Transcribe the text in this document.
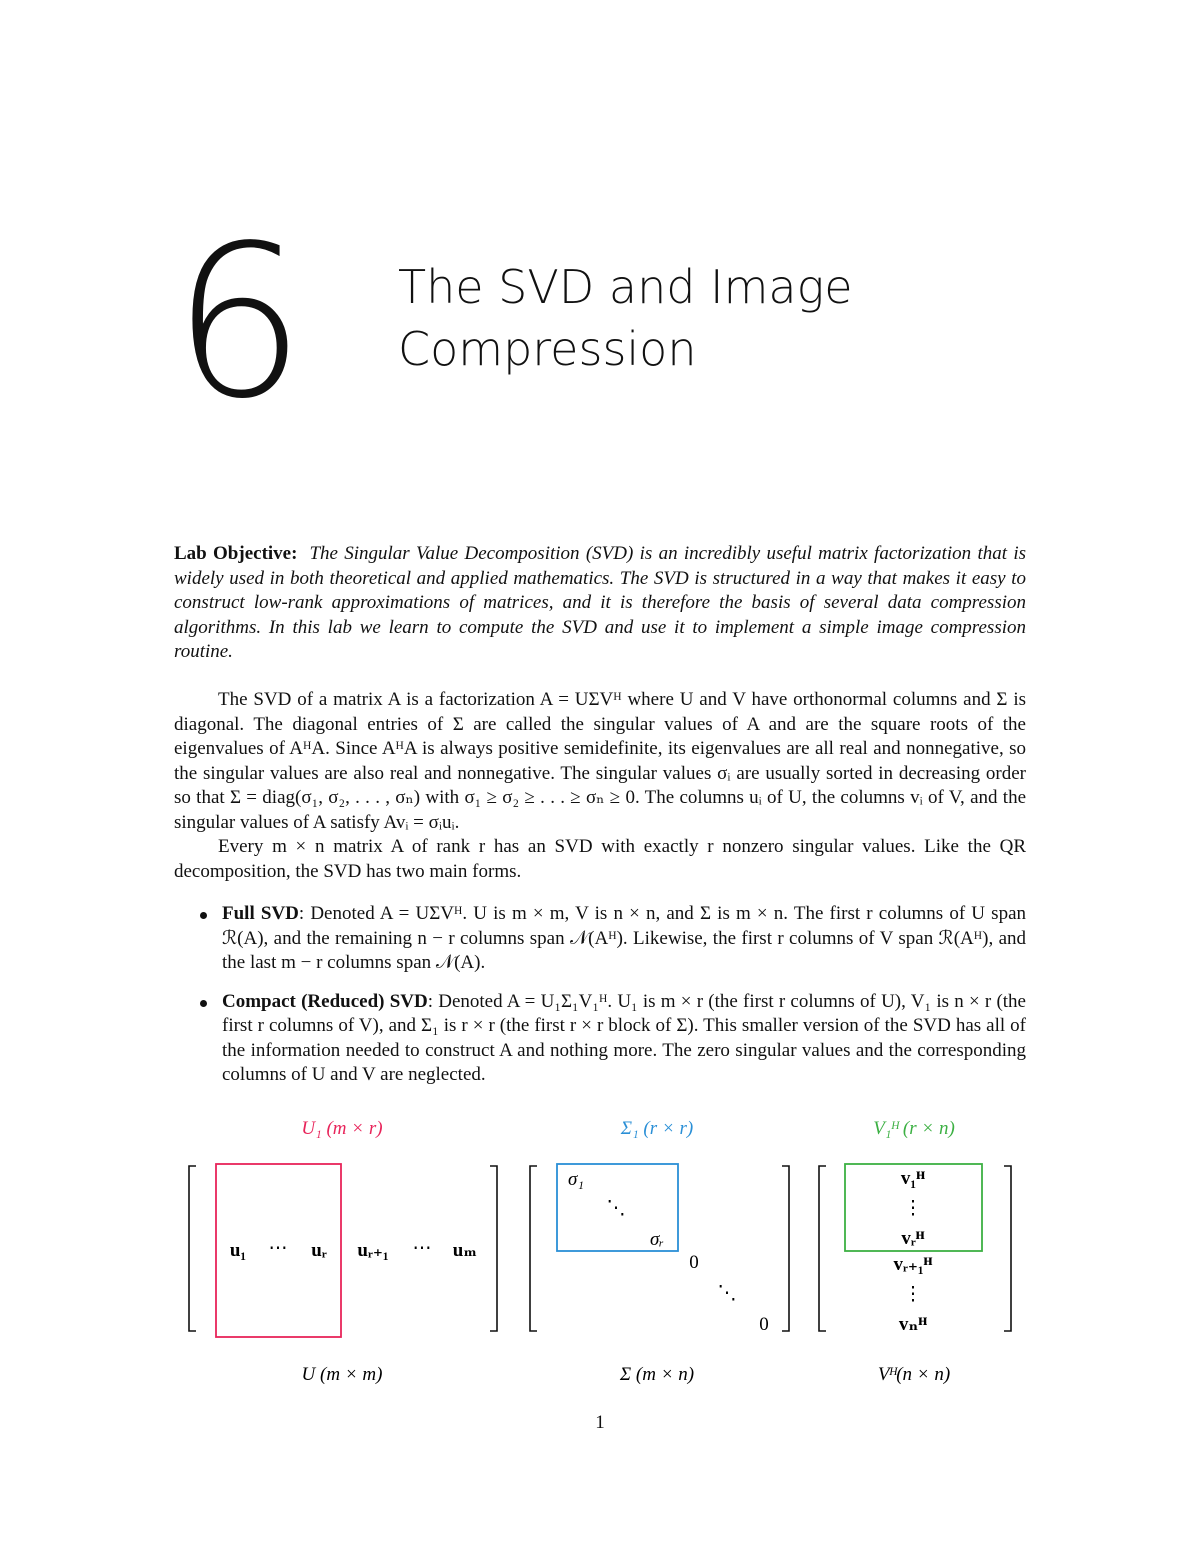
6 The SVD and Image
Compression
Lab Objective: The Singular Value Decomposition (SVD) is an incredibly useful matrix factorization that is widely used in both theoretical and applied mathematics. The SVD is structured in a way that makes it easy to construct low-rank approximations of matrices, and it is therefore the basis of several data compression algorithms. In this lab we learn to compute the SVD and use it to implement a simple image compression routine.

The SVD of a matrix A is a factorization A = UΣVᴴ where U and V have orthonormal columns and Σ is diagonal. The diagonal entries of Σ are called the singular values of A and are the square roots of the eigenvalues of AᴴA. Since AᴴA is always positive semidefinite, its eigenvalues are all real and nonnegative, so the singular values are also real and nonnegative. The singular values σᵢ are usually sorted in decreasing order so that Σ = diag(σ₁, σ₂, . . . , σₙ) with σ₁ ≥ σ₂ ≥ . . . ≥ σₙ ≥ 0. The columns uᵢ of U, the columns vᵢ of V, and the singular values of A satisfy Avᵢ = σᵢuᵢ.

Every m × n matrix A of rank r has an SVD with exactly r nonzero singular values. Like the QR decomposition, the SVD has two main forms.

Full SVD: Denoted A = UΣVᴴ. U is m × m, V is n × n, and Σ is m × n. The first r columns of U span ℛ(A), and the remaining n − r columns span 𝒩(Aᴴ). Likewise, the first r columns of V span ℛ(Aᴴ), and the last m − r columns span 𝒩(A).
Compact (Reduced) SVD: Denoted A = U₁Σ₁V₁ᴴ. U₁ is m × r (the first r columns of U), V₁ is n × r (the first r columns of V), and Σ₁ is r × r (the first r × r block of Σ). This smaller version of the SVD has all of the information needed to construct A and nothing more. The zero singular values and the corresponding columns of U and V are neglected.
U₁ (m × r)	Σ₁ (r × r)	V₁ᴴ (r × n)
u₁ ⋯ uᵣ uᵣ₊₁ ⋯ uₘ
σ₁
⋱
σᵣ
0
⋱
0
v₁ᴴ
⋮
vᵣᴴ
vᵣ₊₁ᴴ
⋮
vₙᴴ
U (m × m)	Σ (m × n)	Vᴴ(n × n)
1
